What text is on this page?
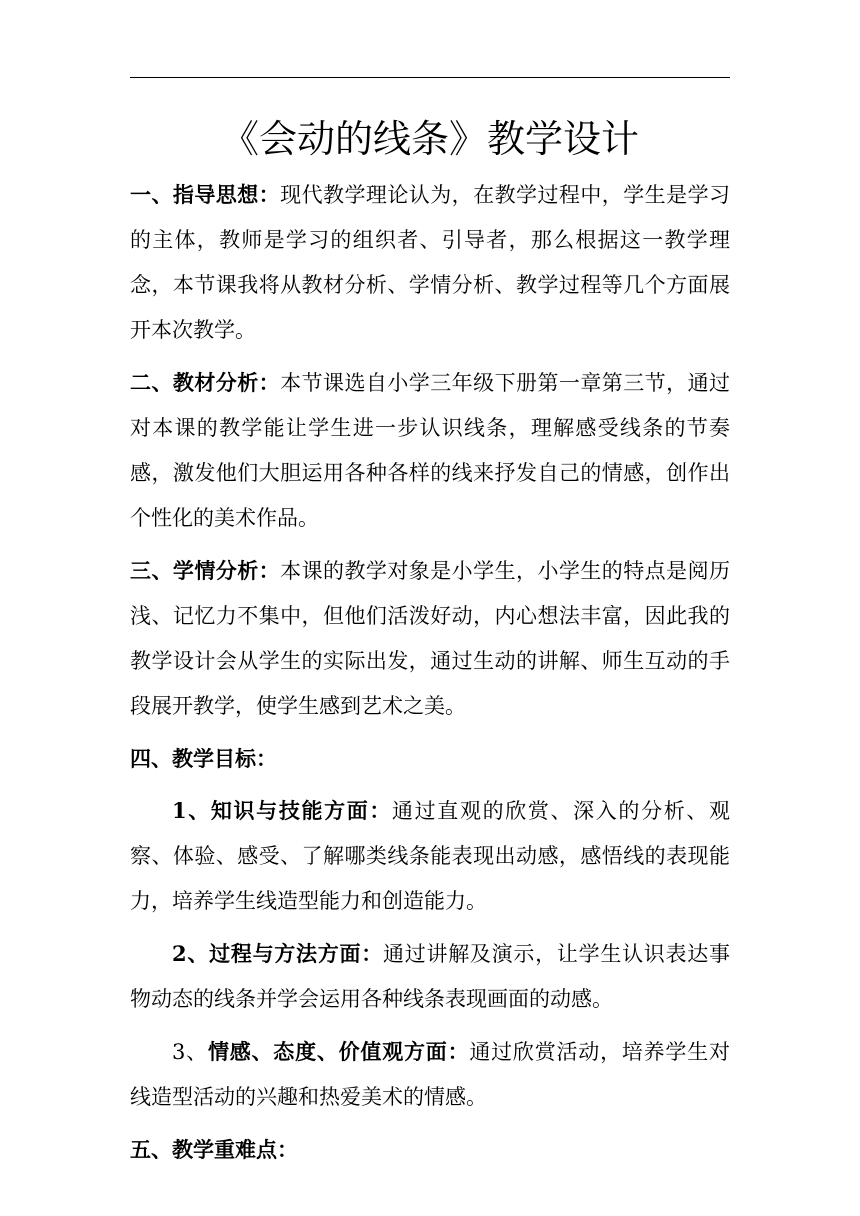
《会动的线条》教学设计

一、指导思想：现代教学理论认为，在教学过程中，学生是学习的主体，教师是学习的组织者、引导者，那么根据这一教学理念，本节课我将从教材分析、学情分析、教学过程等几个方面展开本次教学。

二、教材分析：本节课选自小学三年级下册第一章第三节，通过对本课的教学能让学生进一步认识线条，理解感受线条的节奏感，激发他们大胆运用各种各样的线来抒发自己的情感，创作出个性化的美术作品。

三、学情分析：本课的教学对象是小学生，小学生的特点是阅历浅、记忆力不集中，但他们活泼好动，内心想法丰富，因此我的教学设计会从学生的实际出发，通过生动的讲解、师生互动的手段展开教学，使学生感到艺术之美。

四、教学目标：

1、知识与技能方面：通过直观的欣赏、深入的分析、观察、体验、感受、了解哪类线条能表现出动感，感悟线的表现能力，培养学生线造型能力和创造能力。

2、过程与方法方面：通过讲解及演示，让学生认识表达事物动态的线条并学会运用各种线条表现画面的动感。

3、情感、态度、价值观方面：通过欣赏活动，培养学生对线造型活动的兴趣和热爱美术的情感。

五、教学重难点：
